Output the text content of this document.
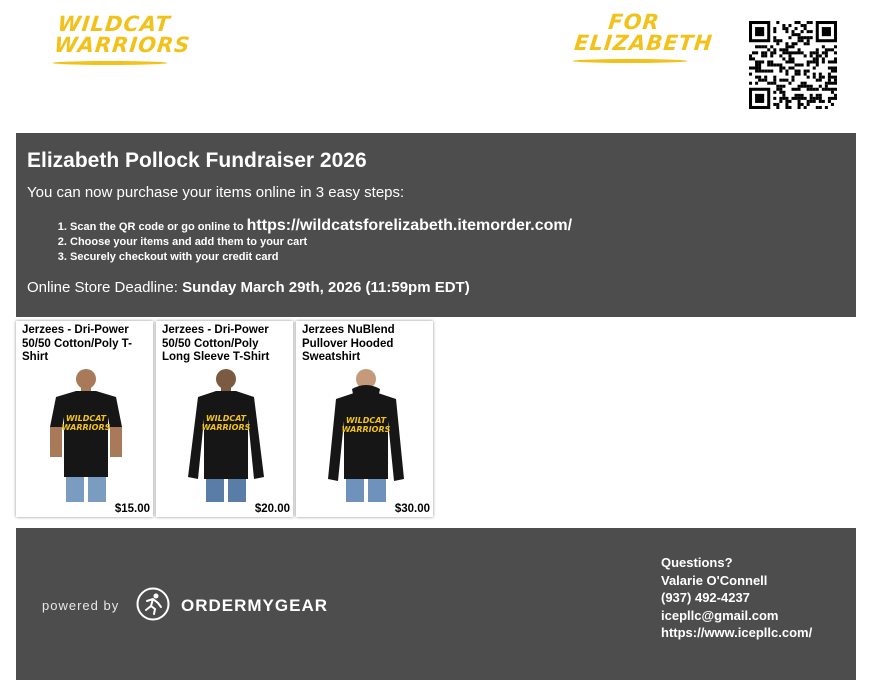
WILDCAT
WARRIORS
FOR
ELIZABETH
Elizabeth Pollock Fundraiser 2026
You can now purchase your items online in 3 easy steps:
1. Scan the QR code or go online to https://wildcatsforelizabeth.itemorder.com/
2. Choose your items and add them to your cart
3. Securely checkout with your credit card
Online Store Deadline: Sunday March 29th, 2026 (11:59pm EDT)
Jerzees - Dri-Power 50/50 Cotton/Poly T-Shirt
WILDCAT
WARRIORS
$15.00
Jerzees - Dri-Power 50/50 Cotton/Poly Long Sleeve T-Shirt
WILDCAT
WARRIORS
$20.00
Jerzees NuBlend Pullover Hooded Sweatshirt
WILDCAT
WARRIORS
$30.00
powered by	ORDERMYGEAR
Questions?
Valarie O'Connell
(937) 492-4237
icepllc@gmail.com
https://www.icepllc.com/
